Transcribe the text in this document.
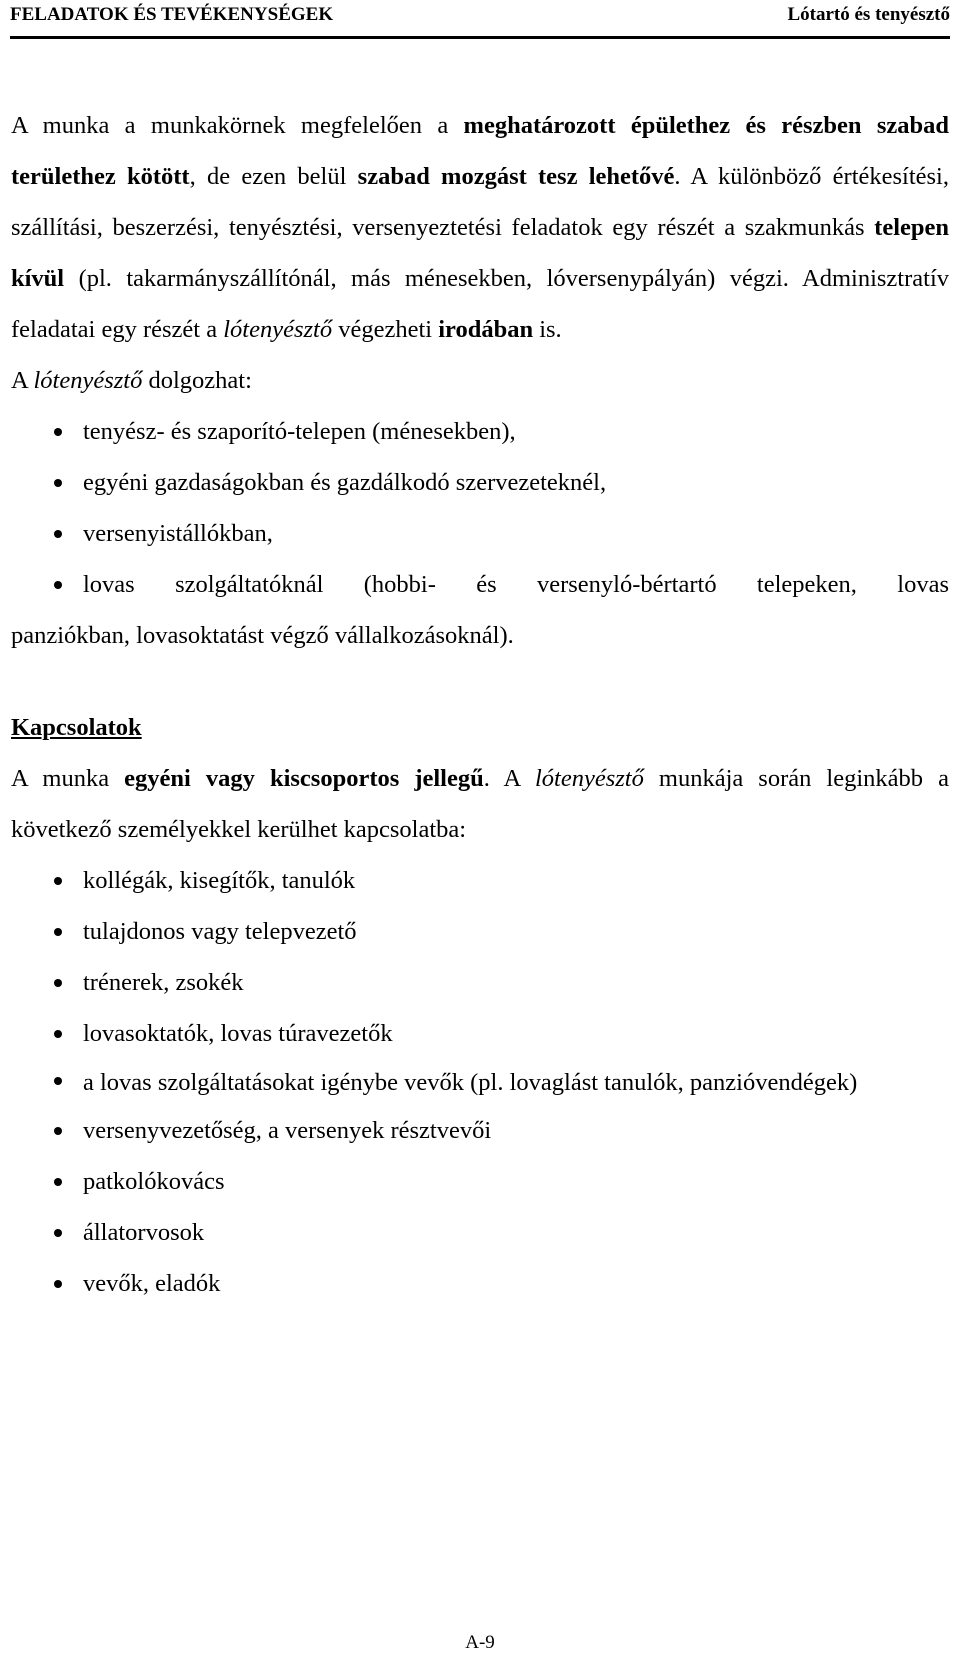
FELADATOK ÉS TEVÉKENYSÉGEK	Lótartó és tenyésztő

A munka a munkakörnek megfelelően a meghatározott épülethez és részben szabad területhez kötött, de ezen belül szabad mozgást tesz lehetővé. A különböző értékesítési, szállítási, beszerzési, tenyésztési, versenyeztetési feladatok egy részét a szakmunkás telepen kívül (pl. takarmányszállítónál, más ménesekben, lóversenypályán) végzi. Adminisztratív feladatai egy részét a lótenyésztő végezheti irodában is.

A lótenyésztő dolgozhat:

tenyész- és szaporító-telepen (ménesekben),
egyéni gazdaságokban és gazdálkodó szervezeteknél,
versenyistállókban,
lovas szolgáltatóknál (hobbi- és versenyló-bértartó telepeken, lovas

panziókban, lovasoktatást végző vállalkozásoknál).

Kapcsolatok

A munka egyéni vagy kiscsoportos jellegű. A lótenyésztő munkája során leginkább a következő személyekkel kerülhet kapcsolatba:

kollégák, kisegítők, tanulók
tulajdonos vagy telepvezető
trénerek, zsokék
lovasoktatók, lovas túravezetők
a lovas szolgáltatásokat igénybe vevők (pl. lovaglást tanulók, panzióvendégek)
versenyvezetőség, a versenyek résztvevői
patkolókovács
állatorvosok
vevők, eladók
A-9
